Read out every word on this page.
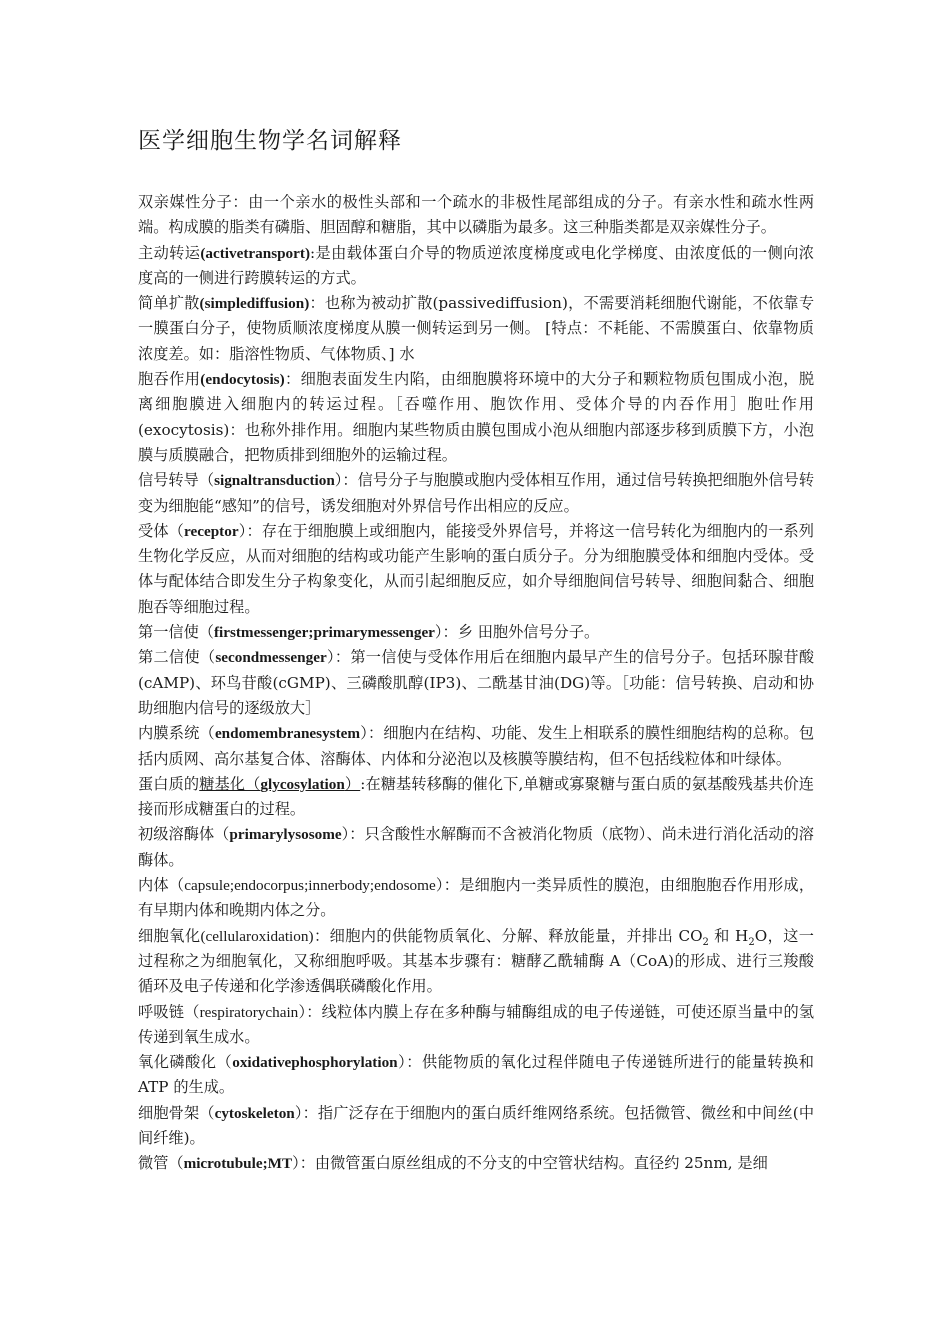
医学细胞生物学名词解释

双亲媒性分子：由一个亲水的极性头部和一个疏水的非极性尾部组成的分子。有亲水性和疏水性两端。构成膜的脂类有磷脂、胆固醇和糖脂，其中以磷脂为最多。这三种脂类都是双亲媒性分子。

主动转运(activetransport):是由载体蛋白介导的物质逆浓度梯度或电化学梯度、由浓度低的一侧向浓度高的一侧进行跨膜转运的方式。

简单扩散(simplediffusion)：也称为被动扩散(passivediffusion)，不需要消耗细胞代谢能，不依靠专一膜蛋白分子，使物质顺浓度梯度从膜一侧转运到另一侧。 [特点：不耗能、不需膜蛋白、依靠物质浓度差。如：脂溶性物质、气体物质、] 水

胞吞作用(endocytosis)：细胞表面发生内陷，由细胞膜将环境中的大分子和颗粒物质包围成小泡，脱离细胞膜进入细胞内的转运过程。［吞噬作用、胞饮作用、受体介导的内吞作用］胞吐作用(exocytosis)：也称外排作用。细胞内某些物质由膜包围成小泡从细胞内部逐步移到质膜下方，小泡膜与质膜融合，把物质排到细胞外的运输过程。

信号转导（signaltransduction）：信号分子与胞膜或胞内受体相互作用，通过信号转换把细胞外信号转变为细胞能“感知”的信号，诱发细胞对外界信号作出相应的反应。

受体（receptor）：存在于细胞膜上或细胞内，能接受外界信号，并将这一信号转化为细胞内的一系列生物化学反应，从而对细胞的结构或功能产生影响的蛋白质分子。分为细胞膜受体和细胞内受体。受体与配体结合即发生分子构象变化，从而引起细胞反应，如介导细胞间信号转导、细胞间黏合、细胞胞吞等细胞过程。

第一信使（firstmessenger;primarymessenger）：乡 田胞外信号分子。

第二信使（secondmessenger）：第一信使与受体作用后在细胞内最早产生的信号分子。包括环腺苷酸(cAMP)、环鸟苷酸(cGMP)、三磷酸肌醇(IP3)、二酰基甘油(DG)等。［功能：信号转换、启动和协助细胞内信号的逐级放大］

内膜系统（endomembranesystem）：细胞内在结构、功能、发生上相联系的膜性细胞结构的总称。包括内质网、高尔基复合体、溶酶体、内体和分泌泡以及核膜等膜结构，但不包括线粒体和叶绿体。

蛋白质的糖基化（glycosylation）:在糖基转移酶的催化下,单糖或寡聚糖与蛋白质的氨基酸残基共价连接而形成糖蛋白的过程。

初级溶酶体（primarylysosome）：只含酸性水解酶而不含被消化物质（底物）、尚未进行消化活动的溶酶体。

内体（capsule;endocorpus;innerbody;endosome）：是细胞内一类异质性的膜泡，由细胞胞吞作用形成，有早期内体和晚期内体之分。

细胞氧化(cellularoxidation)：细胞内的供能物质氧化、分解、释放能量，并排出 $CO_2$ 和 $H_2O$，这一过程称之为细胞氧化，又称细胞呼吸。其基本步骤有：糖酵乙酰辅酶 A（CoA)的形成、进行三羧酸循环及电子传递和化学渗透偶联磷酸化作用。

呼吸链（respiratorychain）：线粒体内膜上存在多种酶与辅酶组成的电子传递链，可使还原当量中的氢传递到氧生成水。

氧化磷酸化（oxidativephosphorylation）：供能物质的氧化过程伴随电子传递链所进行的能量转换和 ATP 的生成。

细胞骨架（cytoskeleton）：指广泛存在于细胞内的蛋白质纤维网络系统。包括微管、微丝和中间丝(中间纤维)。

微管（microtubule;MT）：由微管蛋白原丝组成的不分支的中空管状结构。直径约 25nm, 是细
